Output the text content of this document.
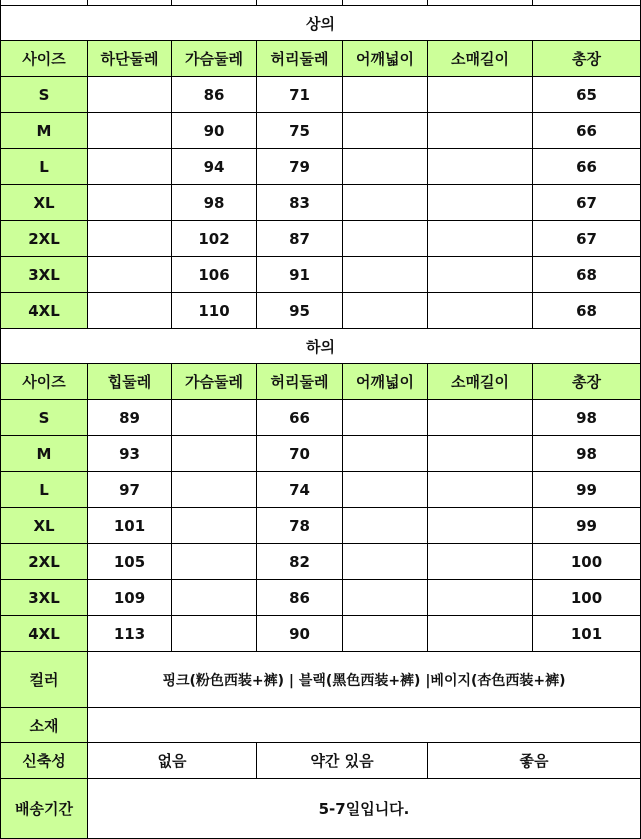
상의						
사이즈	하단둘레	가슴둘레	허리둘레	어깨넓이	소매길이	총장
S		86	71			65
M		90	75			66
L		94	79			66
XL		98	83			67
2XL		102	87			67
3XL		106	91			68
4XL		110	95			68
하의						
사이즈	힙둘레	가슴둘레	허리둘레	어깨넓이	소매길이	총장
S	89		66			98
M	93		70			98
L	97		74			99
XL	101		78			99
2XL	105		82			100
3XL	109		86			100
4XL	113		90			101
컬러	핑크(粉色西装+裤) | 블랙(黑色西装+裤) |베이지(杏色西装+裤)					
소재						
신축성	없음		약간 있음		좋음	
배송기간	5-7일입니다.					
